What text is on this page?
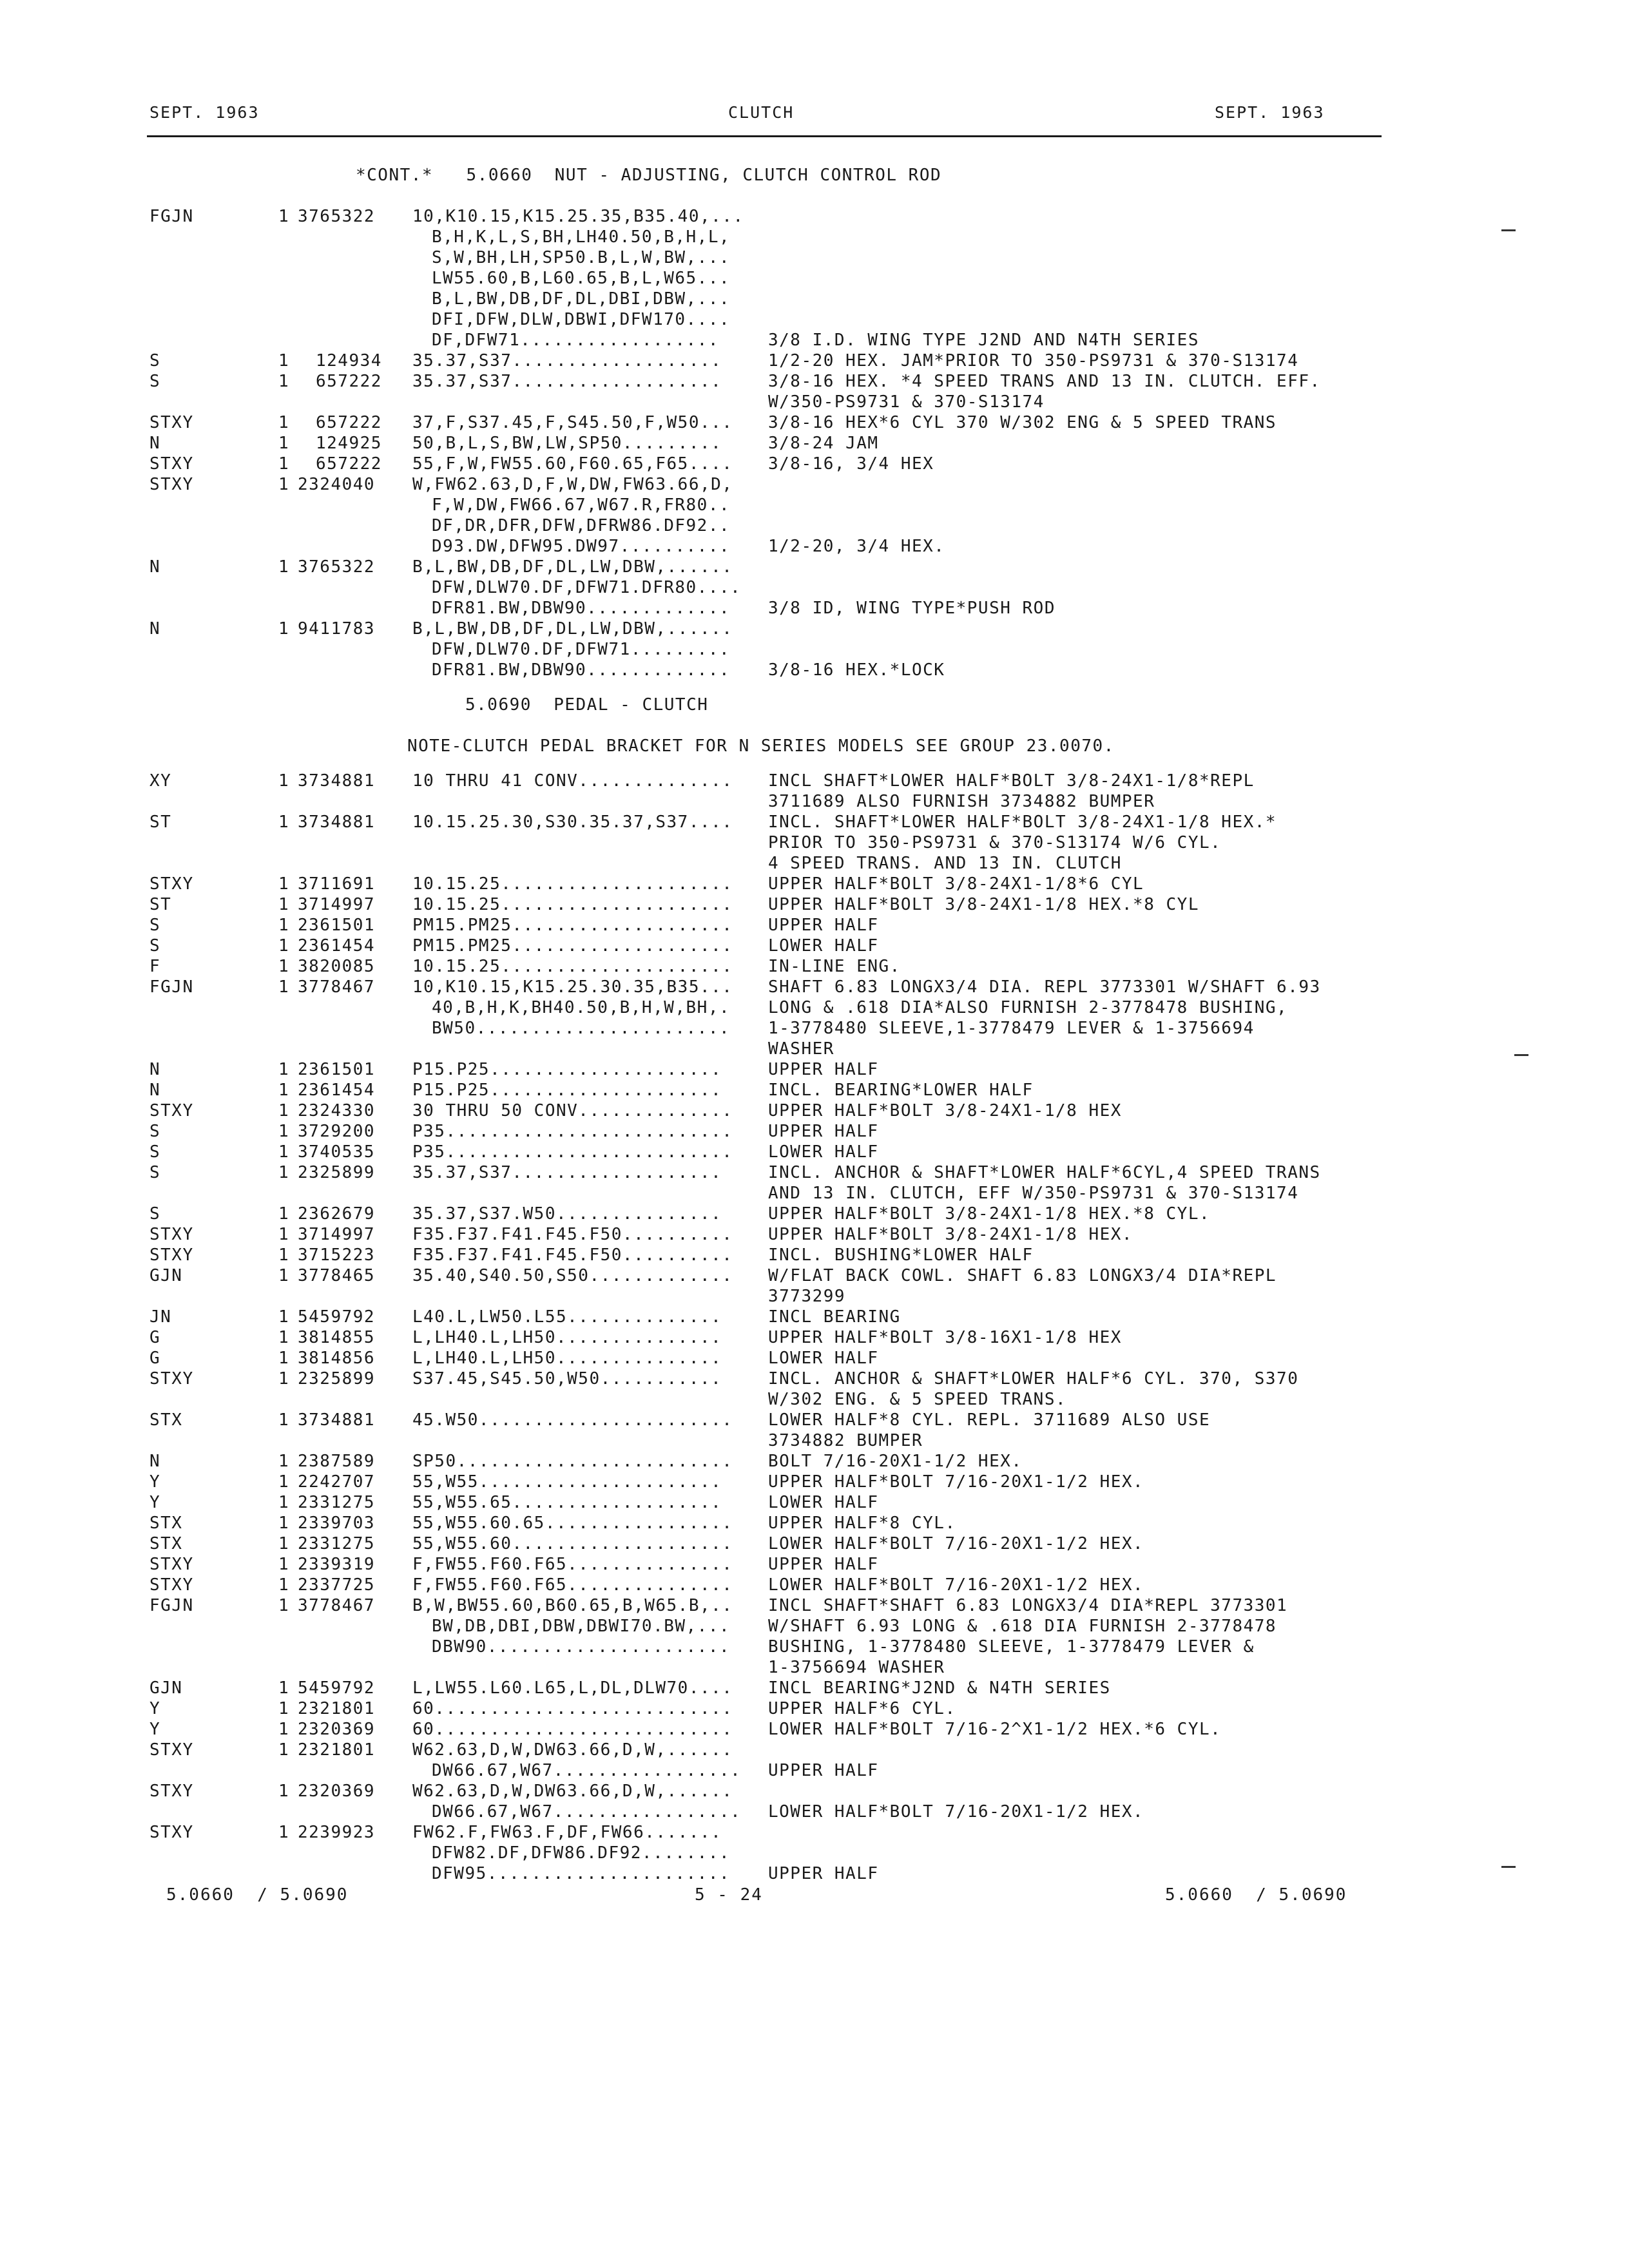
SEPT. 1963	CLUTCH	SEPT. 1963

*CONT.*   5.0660  NUT - ADJUSTING, CLUTCH CONTROL ROD

FGJN	1 3765322 10,K10.15,K15.25.35,B35.40,...
B,H,K,L,S,BH,LH40.50,B,H,L,
S,W,BH,LH,SP50.B,L,W,BW,...
LW55.60,B,L60.65,B,L,W65...
B,L,BW,DB,DF,DL,DBI,DBW,...
DFI,DFW,DLW,DBWI,DFW170....
DF,DFW71..................	3/8 I.D. WING TYPE J2ND AND N4TH SERIES
S	1 124934 35.37,S37...................	1/2-20 HEX. JAM*PRIOR TO 350-PS9731 & 370-S13174
S	1 657222 35.37,S37...................	3/8-16 HEX. *4 SPEED TRANS AND 13 IN. CLUTCH. EFF.
W/350-PS9731 & 370-S13174
STXY	1 657222 37,F,S37.45,F,S45.50,F,W50... 3/8-16 HEX*6 CYL 370 W/302 ENG & 5 SPEED TRANS
N	1 124925 50,B,L,S,BW,LW,SP50.........	3/8-24 JAM
STXY	1 657222 55,F,W,FW55.60,F60.65,F65.... 3/8-16, 3/4 HEX
STXY	1 2324040 W,FW62.63,D,F,W,DW,FW63.66,D,
F,W,DW,FW66.67,W67.R,FR80..
DF,DR,DFR,DFW,DFRW86.DF92..
D93.DW,DFW95.DW97.......... 1/2-20, 3/4 HEX.
N	1 3765322 B,L,BW,DB,DF,DL,LW,DBW,......
DFW,DLW70.DF,DFW71.DFR80....
DFR81.BW,DBW90............. 3/8 ID, WING TYPE*PUSH ROD
N	1 9411783 B,L,BW,DB,DF,DL,LW,DBW,......
DFW,DLW70.DF,DFW71.........
DFR81.BW,DBW90............. 3/8-16 HEX.*LOCK

5.0690  PEDAL - CLUTCH

NOTE-CLUTCH PEDAL BRACKET FOR N SERIES MODELS SEE GROUP 23.0070.

XY	1 3734881 10 THRU 41 CONV.............. INCL SHAFT*LOWER HALF*BOLT 3/8-24X1-1/8*REPL
3711689 ALSO FURNISH 3734882 BUMPER
ST	1 3734881 10.15.25.30,S30.35.37,S37.... INCL. SHAFT*LOWER HALF*BOLT 3/8-24X1-1/8 HEX.*
PRIOR TO 350-PS9731 & 370-S13174 W/6 CYL.
4 SPEED TRANS. AND 13 IN. CLUTCH
STXY	1 3711691 10.15.25..................... UPPER HALF*BOLT 3/8-24X1-1/8*6 CYL
ST	1 3714997 10.15.25..................... UPPER HALF*BOLT 3/8-24X1-1/8 HEX.*8 CYL
S	1 2361501 PM15.PM25.................... UPPER HALF
S	1 2361454 PM15.PM25.................... LOWER HALF
F	1 3820085 10.15.25..................... IN-LINE ENG.
FGJN	1 3778467 10,K10.15,K15.25.30.35,B35... SHAFT 6.83 LONGX3/4 DIA. REPL 3773301 W/SHAFT 6.93
40,B,H,K,BH40.50,B,H,W,BH,. LONG & .618 DIA*ALSO FURNISH 2-3778478 BUSHING,
BW50....................... 1-3778480 SLEEVE,1-3778479 LEVER & 1-3756694
WASHER
N	1 2361501 P15.P25.....................	UPPER HALF
N	1 2361454 P15.P25.....................	INCL. BEARING*LOWER HALF
STXY	1 2324330 30 THRU 50 CONV.............. UPPER HALF*BOLT 3/8-24X1-1/8 HEX
S	1 3729200 P35.......................... UPPER HALF
S	1 3740535 P35.......................... LOWER HALF
S	1 2325899 35.37,S37...................	INCL. ANCHOR & SHAFT*LOWER HALF*6CYL,4 SPEED TRANS
AND 13 IN. CLUTCH, EFF W/350-PS9731 & 370-S13174
S	1 2362679 35.37,S37.W50...............	UPPER HALF*BOLT 3/8-24X1-1/8 HEX.*8 CYL.
STXY	1 3714997 F35.F37.F41.F45.F50.......... UPPER HALF*BOLT 3/8-24X1-1/8 HEX.
STXY	1 3715223 F35.F37.F41.F45.F50.......... INCL. BUSHING*LOWER HALF
GJN	1 3778465 35.40,S40.50,S50............. W/FLAT BACK COWL. SHAFT 6.83 LONGX3/4 DIA*REPL
3773299
JN	1 5459792 L40.L,LW50.L55..............	INCL BEARING
G	1 3814855 L,LH40.L,LH50...............	UPPER HALF*BOLT 3/8-16X1-1/8 HEX
G	1 3814856 L,LH40.L,LH50...............	LOWER HALF
STXY	1 2325899 S37.45,S45.50,W50...........	INCL. ANCHOR & SHAFT*LOWER HALF*6 CYL. 370, S370
W/302 ENG. & 5 SPEED TRANS.
STX	1 3734881 45.W50....................... LOWER HALF*8 CYL. REPL. 3711689 ALSO USE
3734882 BUMPER
N	1 2387589 SP50......................... BOLT 7/16-20X1-1/2 HEX.
Y	1 2242707 55,W55......................	UPPER HALF*BOLT 7/16-20X1-1/2 HEX.
Y	1 2331275 55,W55.65...................	LOWER HALF
STX	1 2339703 55,W55.60.65................. UPPER HALF*8 CYL.
STX	1 2331275 55,W55.60.................... LOWER HALF*BOLT 7/16-20X1-1/2 HEX.
STXY	1 2339319 F,FW55.F60.F65............... UPPER HALF
STXY	1 2337725 F,FW55.F60.F65............... LOWER HALF*BOLT 7/16-20X1-1/2 HEX.
FGJN	1 3778467 B,W,BW55.60,B60.65,B,W65.B,.. INCL SHAFT*SHAFT 6.83 LONGX3/4 DIA*REPL 3773301
BW,DB,DBI,DBW,DBWI70.BW,... W/SHAFT 6.93 LONG & .618 DIA FURNISH 2-3778478
DBW90...................... BUSHING, 1-3778480 SLEEVE, 1-3778479 LEVER &
1-3756694 WASHER
GJN	1 5459792 L,LW55.L60.L65,L,DL,DLW70.... INCL BEARING*J2ND & N4TH SERIES
Y	1 2321801 60........................... UPPER HALF*6 CYL.
Y	1 2320369 60........................... LOWER HALF*BOLT 7/16-2^X1-1/2 HEX.*6 CYL.
STXY	1 2321801 W62.63,D,W,DW63.66,D,W,......
DW66.67,W67................. UPPER HALF
STXY	1 2320369 W62.63,D,W,DW63.66,D,W,......
DW66.67,W67................. LOWER HALF*BOLT 7/16-20X1-1/2 HEX.
STXY	1 2239923 FW62.F,FW63.F,DF,FW66.......
DFW82.DF,DFW86.DF92........
DFW95...................... UPPER HALF
5.0660  / 5.0690	5 - 24	5.0660  / 5.0690
